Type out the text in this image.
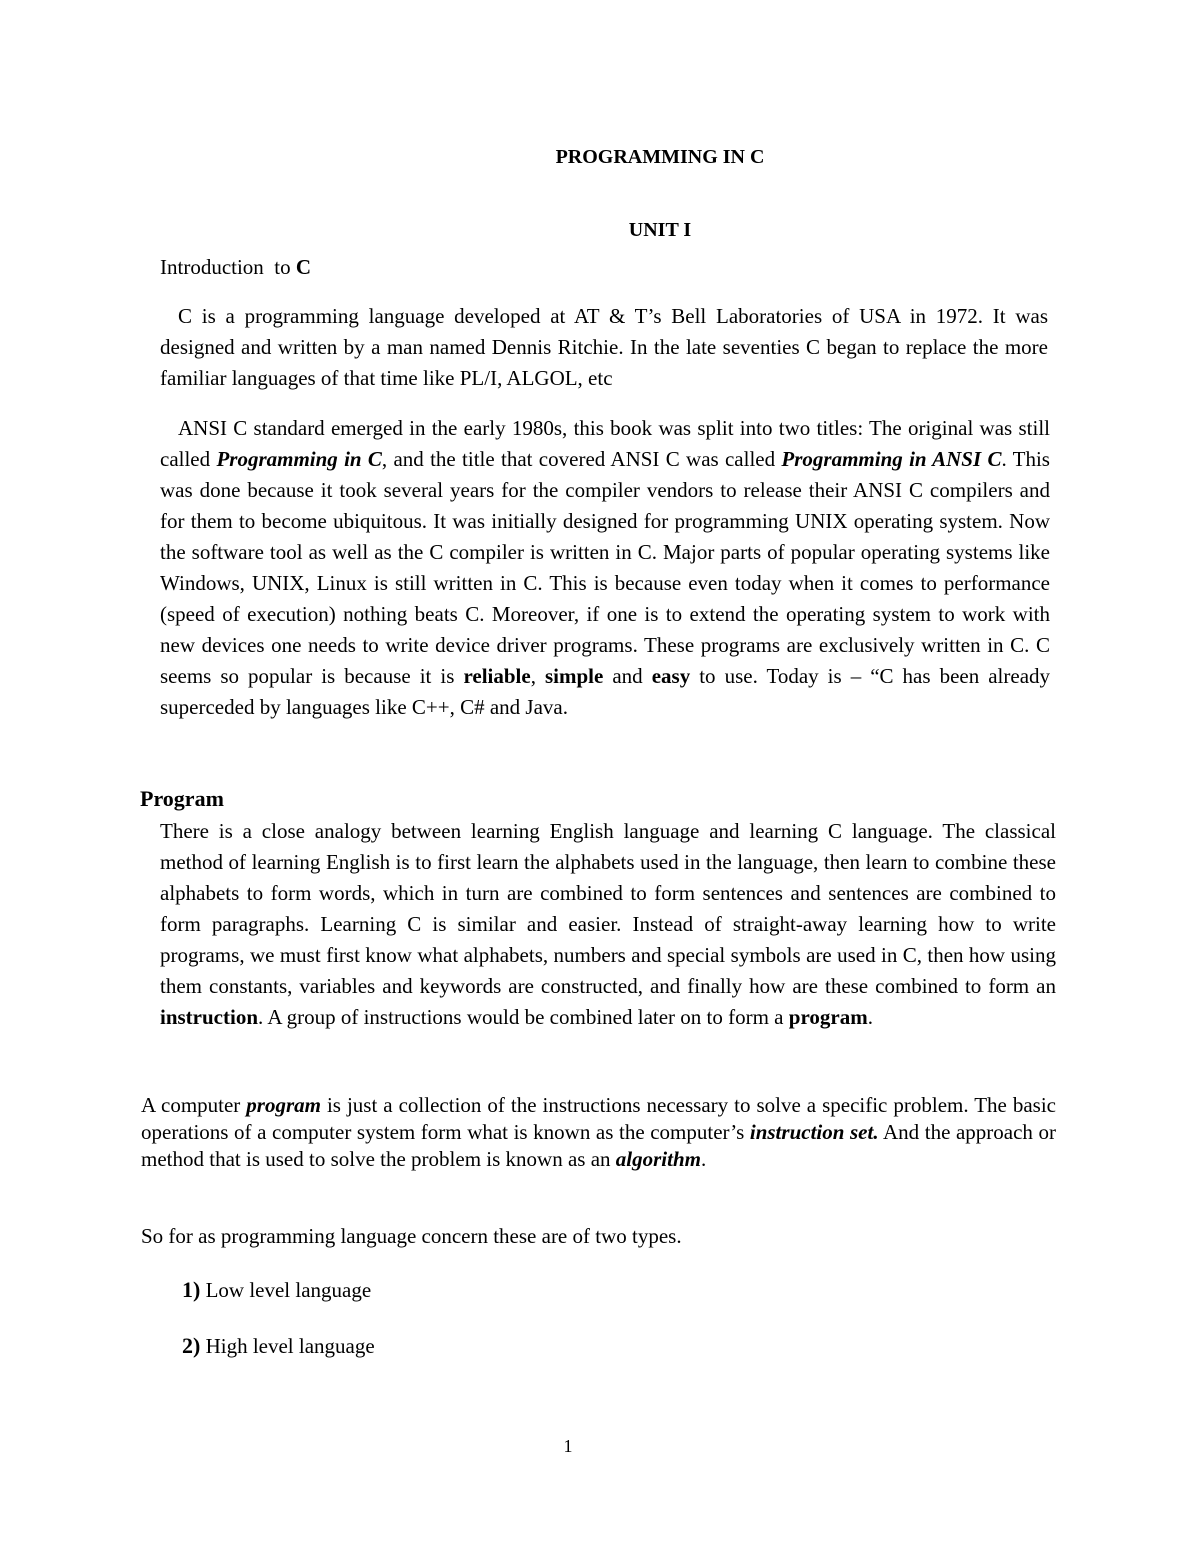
PROGRAMMING IN C
UNIT I
Introduction  to C

C is a programming language developed at AT & T’s Bell Laboratories of USA in 1972. It was designed and written by a man named Dennis Ritchie. In the late seventies C began to replace the more familiar languages of that time like PL/I, ALGOL, etc

ANSI C standard emerged in the early 1980s, this book was split into two titles: The original was still called Programming in C, and the title that covered ANSI C was called Programming in ANSI C. This was done because it took several years for the compiler vendors to release their ANSI C compilers and for them to become ubiquitous. It was initially designed for programming UNIX operating system. Now the software tool as well as the C compiler is written in C. Major parts of popular operating systems like Windows, UNIX, Linux is still written in C. This is because even today when it comes to performance (speed of execution) nothing beats C. Moreover, if one is to extend the operating system to work with new devices one needs to write device driver programs. These programs are exclusively written in C. C seems so popular is because it is reliable, simple and easy to use. Today is – “C has been already superceded by languages like C++, C# and Java.

Program

There is a close analogy between learning English language and learning C language. The classical method of learning English is to first learn the alphabets used in the language, then learn to combine these alphabets to form words, which in turn are combined to form sentences and sentences are combined to form paragraphs. Learning C is similar and easier. Instead of straight-away learning how to write programs, we must first know what alphabets, numbers and special symbols are used in C, then how using them constants, variables and keywords are constructed, and finally how are these combined to form an instruction. A group of instructions would be combined later on to form a program.

A computer program is just a collection of the instructions necessary to solve a specific problem. The basic operations of a computer system form what is known as the computer’s instruction set. And the approach or method that is used to solve the problem is known as an algorithm.

So for as programming language concern these are of two types.
1) Low level language
2) High level language
1
